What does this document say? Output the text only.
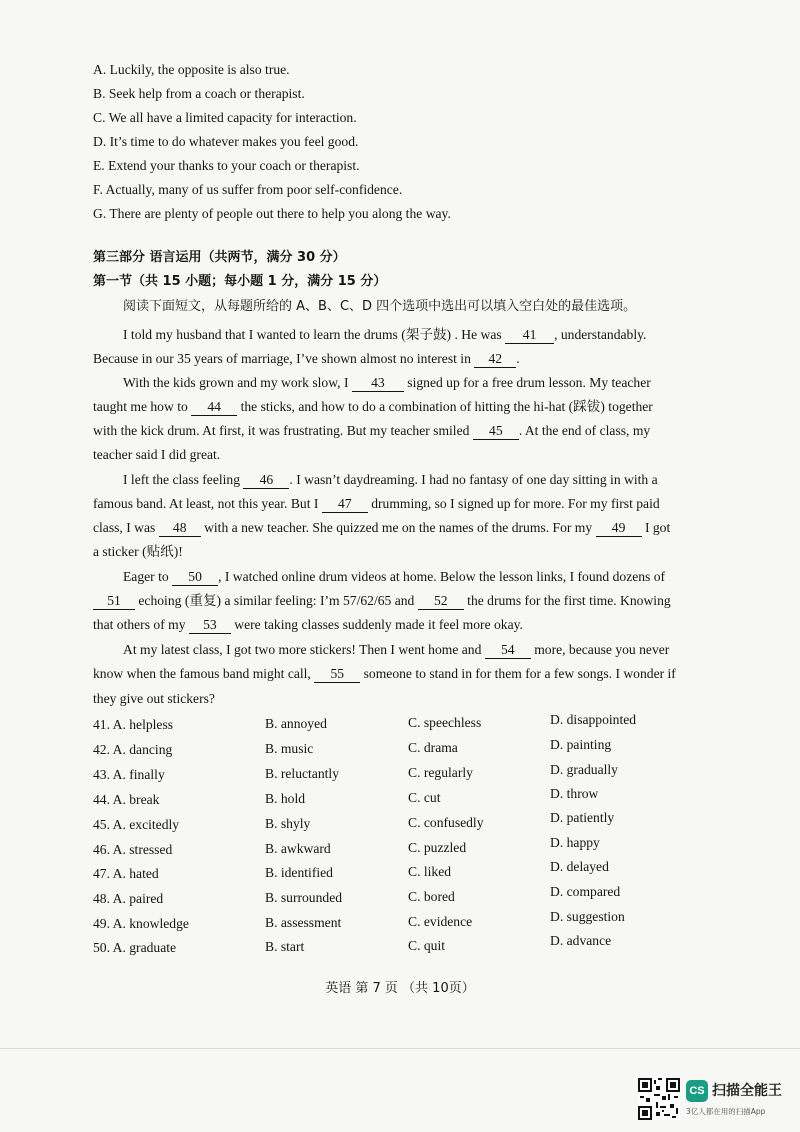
A. Luckily, the opposite is also true.
B. Seek help from a coach or therapist.
C. We all have a limited capacity for interaction.
D. It’s time to do whatever makes you feel good.
E. Extend your thanks to your coach or therapist.
F. Actually, many of us suffer from poor self-confidence.
G. There are plenty of people out there to help you along the way.
第三部分 语言运用（共两节，满分 30 分）
第一节（共 15 小题；每小题 1 分，满分 15 分）
阅读下面短文，从每题所给的 A、B、C、D 四个选项中选出可以填入空白处的最佳选项。
I told my husband that I wanted to learn the drums (架子鼓) . He was 41 , understandably.
Because in our 35 years of marriage, I’ve shown almost no interest in 42 .
With the kids grown and my work slow, I 43 signed up for a free drum lesson. My teacher
taught me how to 44 the sticks, and how to do a combination of hitting the hi-hat (踩钹) together
with the kick drum. At first, it was frustrating. But my teacher smiled 45 . At the end of class, my
teacher said I did great.
I left the class feeling 46 . I wasn’t daydreaming. I had no fantasy of one day sitting in with a
famous band. At least, not this year. But I 47 drumming, so I signed up for more. For my first paid
class, I was 48 with a new teacher. She quizzed me on the names of the drums. For my 49 I got
a sticker (贴纸)!
Eager to 50 , I watched online drum videos at home. Below the lesson links, I found dozens of
51 echoing (重复) a similar feeling: I’m 57/62/65 and 52 the drums for the first time. Knowing
that others of my 53 were taking classes suddenly made it feel more okay.
At my latest class, I got two more stickers! Then I went home and 54 more, because you never
know when the famous band might call, 55 someone to stand in for them for a few songs. I wonder if
they give out stickers?
41. A. helpless	B. annoyed	C. speechless	D. disappointed
42. A. dancing	B. music	C. drama	D. painting
43. A. finally	B. reluctantly	C. regularly	D. gradually
44. A. break	B. hold	C. cut	D. throw
45. A. excitedly	B. shyly	C. confusedly	D. patiently
46. A. stressed	B. awkward	C. puzzled	D. happy
47. A. hated	B. identified	C. liked	D. delayed
48. A. paired	B. surrounded	C. bored	D. compared
49. A. knowledge	B. assessment	C. evidence	D. suggestion
50. A. graduate	B. start	C. quit	D. advance
英语 第 7 页 （共 10页）
CS 扫描全能王
3亿人都在用的扫描App
